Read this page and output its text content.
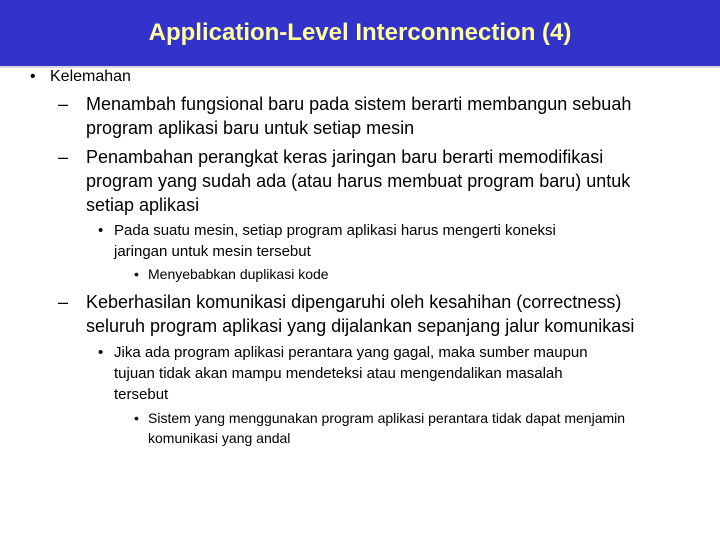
Application-Level Interconnection (4)
• Kelemahan
– Menambah fungsional baru pada sistem berarti membangun sebuah
program aplikasi baru untuk setiap mesin
– Penambahan perangkat keras jaringan baru berarti memodifikasi
program yang sudah ada (atau harus membuat program baru) untuk
setiap aplikasi
• Pada suatu mesin, setiap program aplikasi harus mengerti koneksi
jaringan untuk mesin tersebut
• Menyebabkan duplikasi kode
– Keberhasilan komunikasi dipengaruhi oleh kesahihan (correctness)
seluruh program aplikasi yang dijalankan sepanjang jalur komunikasi
• Jika ada program aplikasi perantara yang gagal, maka sumber maupun
tujuan tidak akan mampu mendeteksi atau mengendalikan masalah
tersebut
• Sistem yang menggunakan program aplikasi perantara tidak dapat menjamin
komunikasi yang andal
